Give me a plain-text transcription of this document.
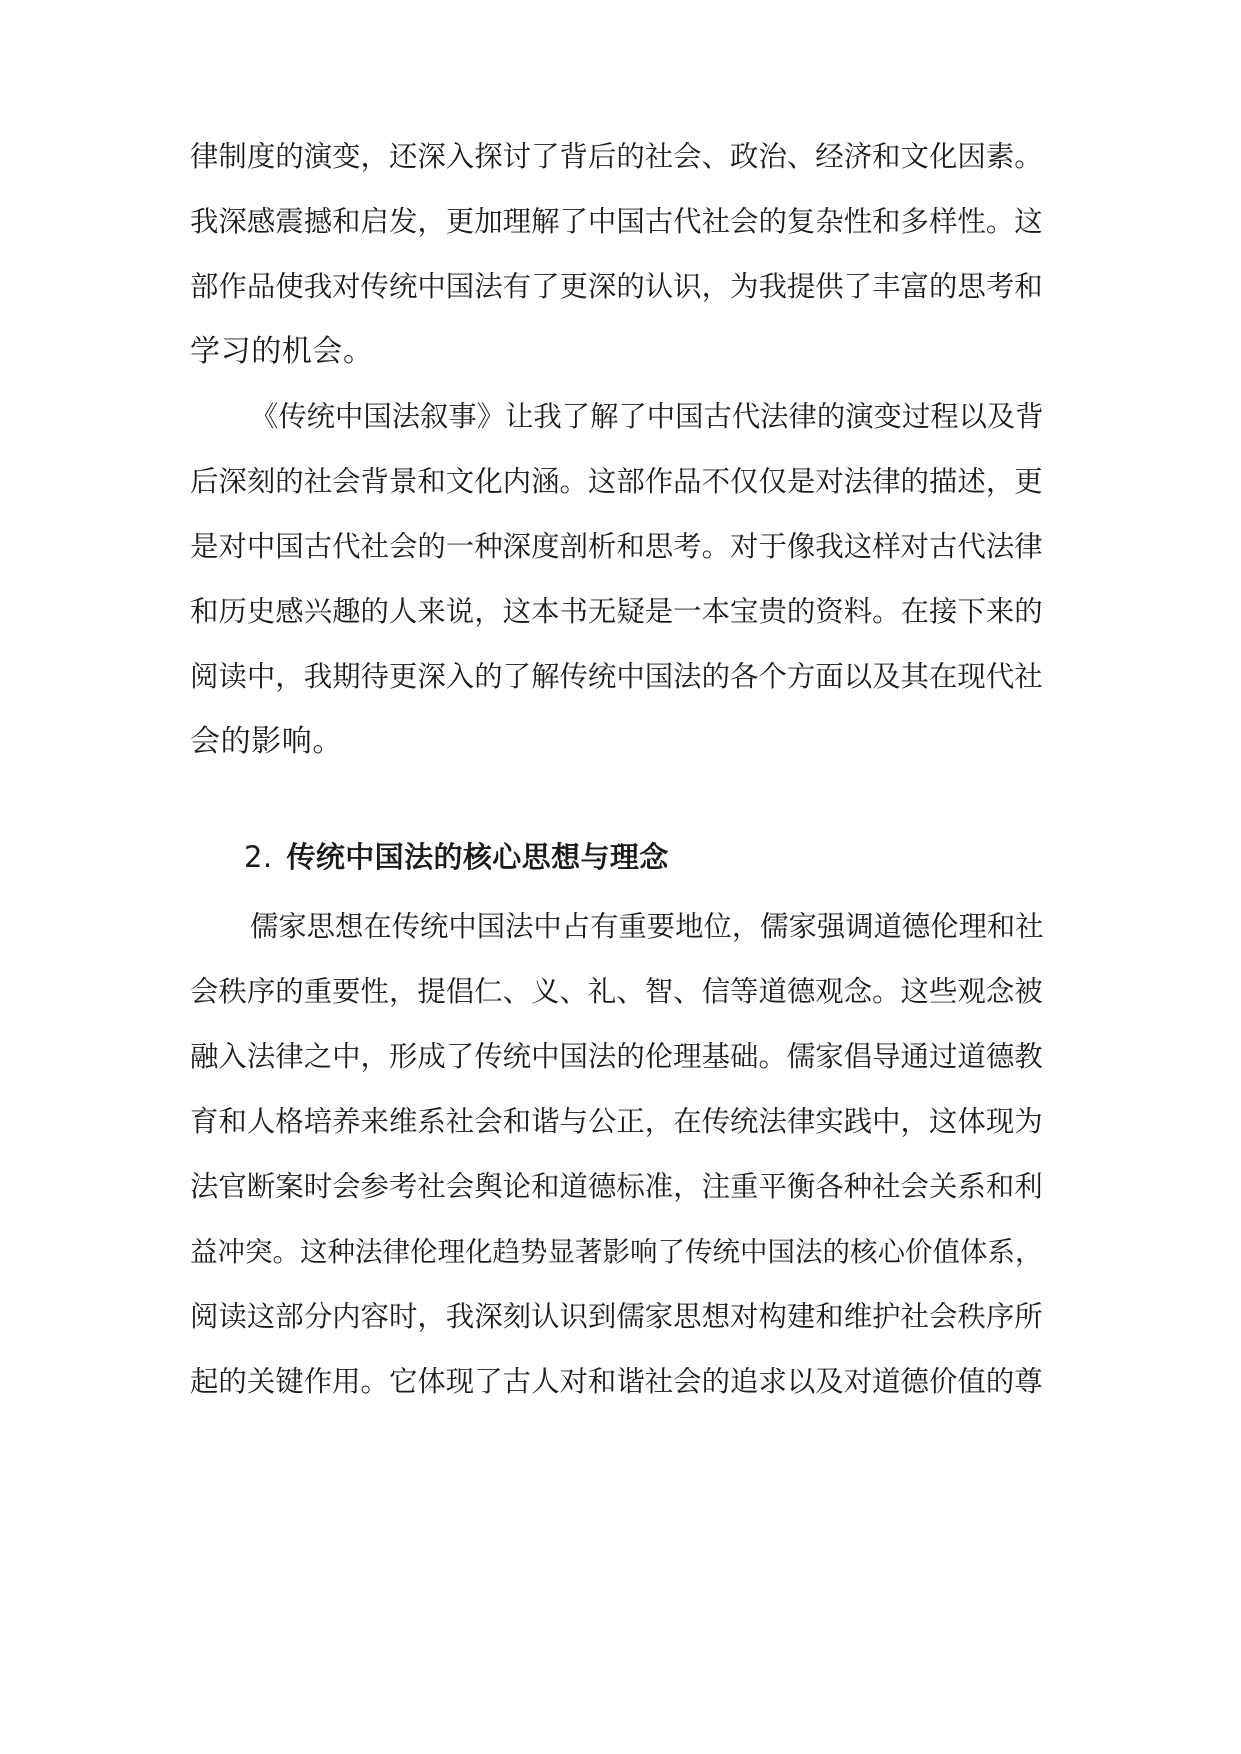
律制度的演变，还深入探讨了背后的社会、政治、经济和文化因素。
我深感震撼和启发，更加理解了中国古代社会的复杂性和多样性。这
部作品使我对传统中国法有了更深的认识，为我提供了丰富的思考和
学习的机会。
《传统中国法叙事》让我了解了中国古代法律的演变过程以及背
后深刻的社会背景和文化内涵。这部作品不仅仅是对法律的描述，更
是对中国古代社会的一种深度剖析和思考。对于像我这样对古代法律
和历史感兴趣的人来说，这本书无疑是一本宝贵的资料。在接下来的
阅读中，我期待更深入的了解传统中国法的各个方面以及其在现代社
会的影响。
2. 传统中国法的核心思想与理念
儒家思想在传统中国法中占有重要地位，儒家强调道德伦理和社
会秩序的重要性，提倡仁、义、礼、智、信等道德观念。这些观念被
融入法律之中，形成了传统中国法的伦理基础。儒家倡导通过道德教
育和人格培养来维系社会和谐与公正，在传统法律实践中，这体现为
法官断案时会参考社会舆论和道德标准，注重平衡各种社会关系和利
益冲突。这种法律伦理化趋势显著影响了传统中国法的核心价值体系，
阅读这部分内容时，我深刻认识到儒家思想对构建和维护社会秩序所
起的关键作用。它体现了古人对和谐社会的追求以及对道德价值的尊
